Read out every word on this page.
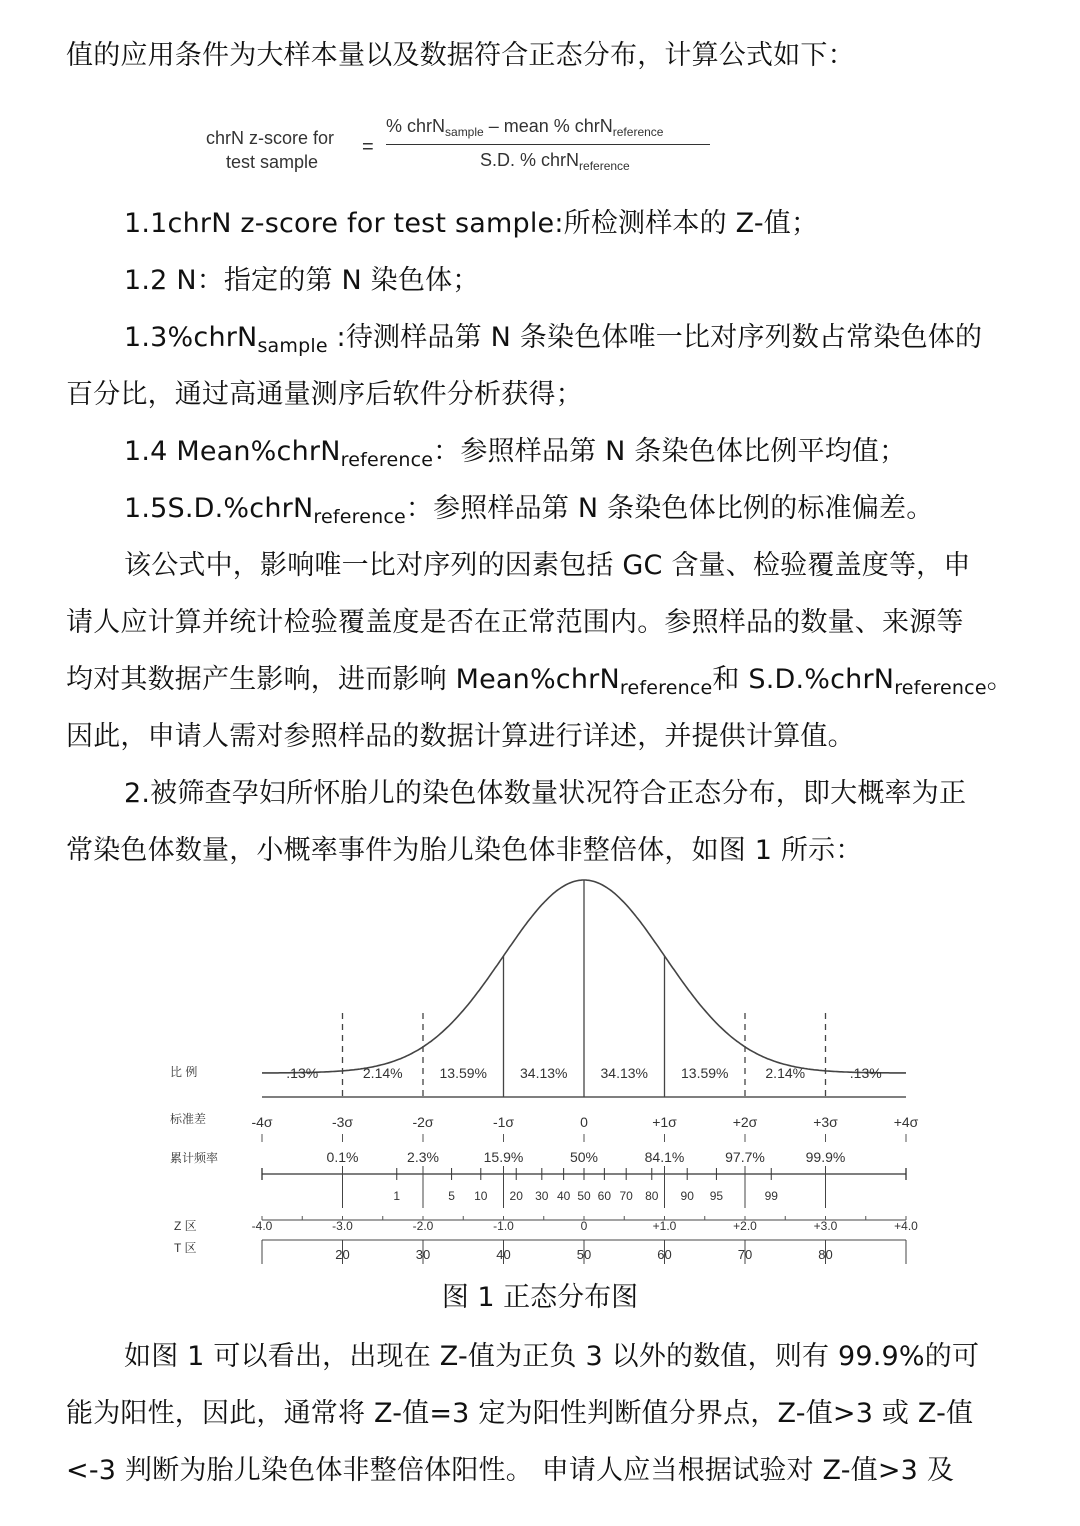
值的应用条件为大样本量以及数据符合正态分布，计算公式如下：
chrN z-score for
test sample
=
% chrN$_{sample}$ – mean % chrN$_{reference}$
S.D. % chrN$_{reference}$
1.1chrN z-score for test sample:所检测样本的 Z-值；
1.2 N：指定的第 N 染色体；
1.3%chrN$_{sample}$ :待测样品第 N 条染色体唯一比对序列数占常染色体的
百分比，通过高通量测序后软件分析获得；
1.4 Mean%chrN$_{reference}$：参照样品第 N 条染色体比例平均值；
1.5S.D.%chrN$_{reference}$：参照样品第 N 条染色体比例的标准偏差。
该公式中，影响唯一比对序列的因素包括 GC 含量、检验覆盖度等，申
请人应计算并统计检验覆盖度是否在正常范围内。参照样品的数量、来源等
均对其数据产生影响，进而影响 Mean%chrN$_{reference}$和 S.D.%chrN$_{reference}$。
因此，申请人需对参照样品的数据计算进行详述，并提供计算值。
2.被筛查孕妇所怀胎儿的染色体数量状况符合正态分布，即大概率为正
常染色体数量，小概率事件为胎儿染色体非整倍体，如图 1 所示：
比 例
标准差
累计频率
Z 区
T 区
.13%	2.14%	13.59% 34.13% 34.13% 13.59%	2.14%	.13%
-4σ	-3σ	-2σ	-1σ	0	+1σ	+2σ	+3σ	+4σ
0.1%	2.3%	15.9%	50%	84.1%	97.7%	99.9%
1	5 10 20 30 40 50 60 70 80 90 95	99
-4.0	-3.0	-2.0	-1.0	0	+1.0	+2.0	+3.0	+4.0
20	30	40	50	60	70	80
图 1 正态分布图
如图 1 可以看出，出现在 Z-值为正负 3 以外的数值，则有 99.9%的可
能为阳性，因此，通常将 Z-值=3 定为阳性判断值分界点，Z-值>3 或 Z-值
<-3 判断为胎儿染色体非整倍体阳性。 申请人应当根据试验对 Z-值>3 及
